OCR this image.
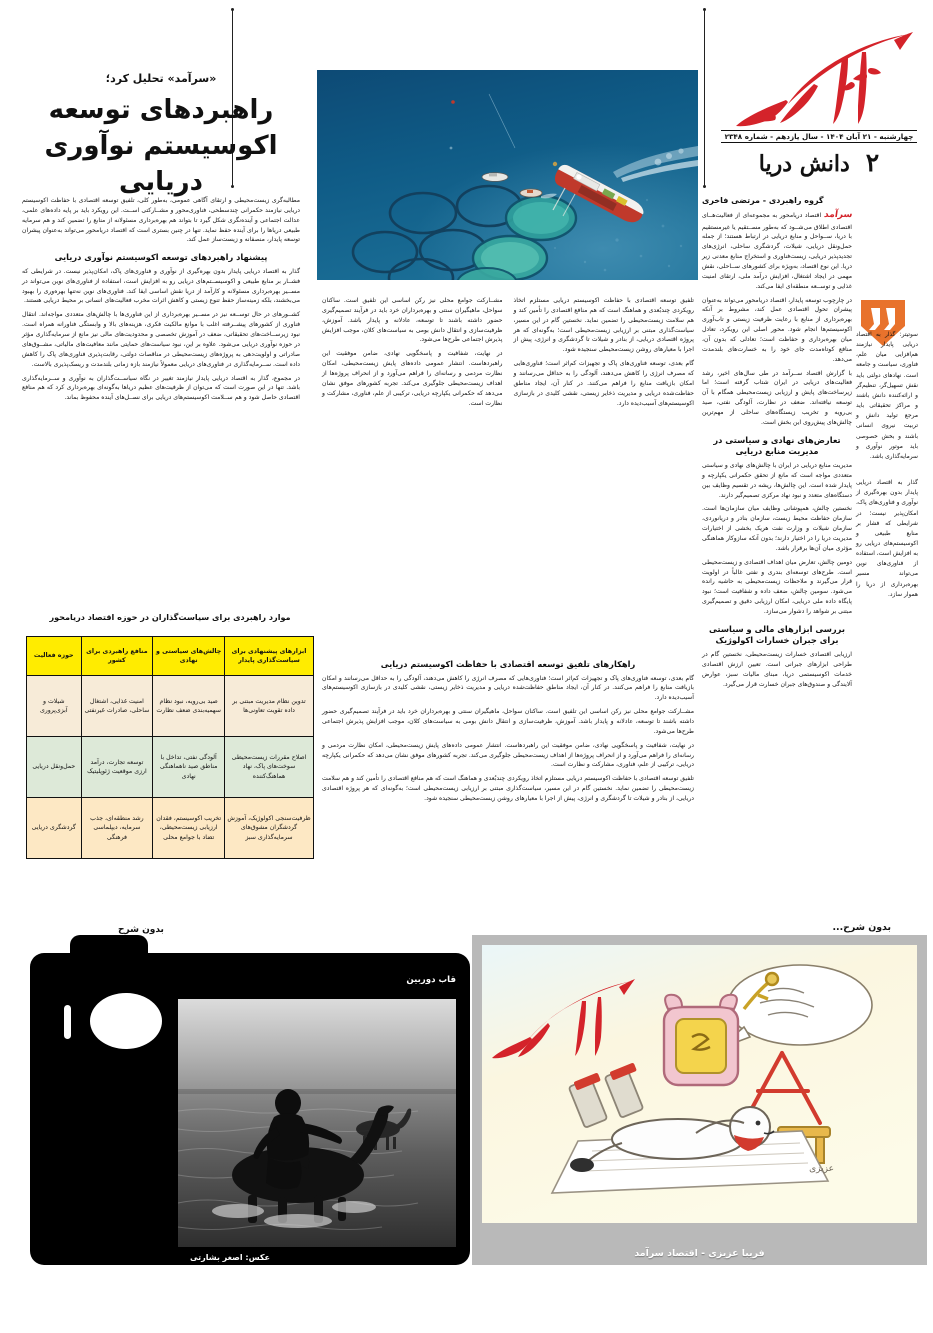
چهارشنبه - ۲۱ آبان ۱۴۰۴ - سال یازدهم - شماره ۲۳۴۸
۲
دانش دریا
«سرآمد» تحلیل کرد؛
راهبردهای توسعه
اکوسیستم نوآوری دریایی

مطالبه‌گری زیست‌محیطی و ارتقای آگاهی عمومی، به‌طور کلی، تلفیق توسعه اقتصادی با حفاظت اکوسیستم دریایی نیازمند حکمرانی چندسطحی، فناوری‌محور و مشــارکتی اســت. این رویکرد باید بر پایه داده‌های علمی، عدالت اجتماعی و آینده‌نگری شکل گیرد تا بتواند هم بهره‌برداری مسئولانه از منابع را تضمین کند و هم سرمایه طبیعی دریاها را برای آینده حفظ نماید. تنها در چنین بستری است که اقتصاد دریامحور می‌تواند به‌عنوان پیشران توسعه پایدار، منصفانه و زیست‌ساز عمل کند.

پیشنهاد راهبردهای توسعه اکوسیستم نوآوری دریایی

گذار به اقتصاد دریایی پایدار بدون بهره‌گیری از نوآوری و فناوری‌های پاک، امکان‌پذیر نیست. در شرایطی که فشــار بر منابع طبیعی و اکوسیســتم‌های دریایی رو به افزایش است، استفاده از فناوری‌های نوین می‌تواند در مســیر بهره‌برداری مسئولانه و کارآمد از دریا نقش اساسی ایفا کند. فناوری‌های نوین نه‌تنها بهره‌وری را بهبود می‌بخشند، بلکه زمینه‌ساز حفظ تنوع زیستی و کاهش اثرات مخرب فعالیت‌های انسانی بر محیط دریایی هستند.

کشــورهای در حال توســعه نیز در مســیر بهره‌برداری از این فناوری‌ها با چالش‌های متعددی مواجه‌اند. انتقال فناوری از کشورهای پیشــرفته اغلب با موانع مالکیت فکری، هزینه‌های بالا و وابستگی فناورانه همراه است. نبود زیرســاخت‌های تحقیقاتی، ضعف در آموزش تخصصی و محدودیت‌های مالی نیز مانع از سرمایه‌گذاری مؤثر در حوزه نوآوری دریایی می‌شود. علاوه بر این، نبود سیاست‌های حمایتی مانند معافیت‌های مالیاتی، مشــوق‌های صادراتی و اولویت‌دهی به پروژه‌های زیست‌محیطی در مناقصات دولتی، رقابت‌پذیری فناوری‌های پاک را کاهش داده است. ســرمایه‌گذاری در فناوری‌های دریایی معمولاً نیازمند بازه زمانی بلندمدت و ریسک‌پذیری بالاست.

در مجموع، گذار به اقتصاد دریایی پایدار نیازمند تغییر در نگاه سیاســت‌گذاران به نوآوری و ســرمایه‌گذاری باشد. تنها در این صورت است که می‌توان از ظرفیت‌های عظیم دریاها به‌گونه‌ای بهره‌برداری کرد که هم منافع اقتصادی حاصل شود و هم ســلامت اکوسیستم‌های دریایی برای نســل‌های آینده محفوظ بماند.

موارد راهبردی برای سیاست‌گذاران در حوزه اقتصاد دریامحور
ابزارهای پیشنهادی برای سیاست‌گذاری پایدار	چالش‌های سیاستی و نهادی	منافع راهبردی برای کشور	حوزه فعالیت
تدوین نظام مدیریت مبتنی بر داده تقویت تعاونی‌ها	صید بی‌رویه، نبود نظام سهمیه‌بندی ضعف نظارت	امنیت غذایی، اشتغال ساحلی، صادرات غیرنفتی	شیلات و آبزی‌پروری
اصلاح مقررات زیست‌محیطی سوخت‌های پاک، نهاد هماهنگ‌کننده	آلودگی نفتی، تداخل با مناطق صید ناهماهنگی نهادی	توسعه تجارت، درآمد ارزی موقعیت ژئوپلیتیک	حمل‌ونقل دریایی
ظرفیت‌سنجی اکولوژیک، آموزش گردشگران مشوق‌های سرمایه‌گذاری سبز	تخریب اکوسیستم، فقدان ارزیابی زیست‌محیطی، تضاد با جوامع محلی	رشد منطقه‌ای، جذب سرمایه، دیپلماسی فرهنگی	گردشگری دریایی

تلفیق توسعه اقتصادی با حفاظت اکوسیستم دریایی مستلزم اتخاذ رویکردی چندبُعدی و هماهنگ است که هم منافع اقتصادی را تأمین کند و هم سلامت زیست‌محیطی را تضمین نماید. نخستین گام در این مسیر، سیاست‌گذاری مبتنی بر ارزیابی زیست‌محیطی است؛ به‌گونه‌ای که هر پروژه اقتصادی دریایی، از بنادر و شیلات تا گردشگری و انرژی، پیش از اجرا با معیارهای روشن زیست‌محیطی سنجیده شود.

گام بعدی، توسعه فناوری‌های پاک و تجهیزات کم‌اثر است؛ فناوری‌هایی که مصرف انرژی را کاهش می‌دهند، آلودگی را به حداقل می‌رسانند و امکان بازیافت منابع را فراهم می‌کنند. در کنار آن، ایجاد مناطق حفاظت‌شده دریایی و مدیریت ذخایر زیستی، نقشی کلیدی در بازسازی اکوسیستم‌های آسیب‌دیده دارد.

مشــارکت جوامع محلی نیز رکن اساسی این تلفیق است. ساکنان سواحل، ماهیگیران سنتی و بهره‌برداران خرد باید در فرآیند تصمیم‌گیری حضور داشته باشند تا توسعه، عادلانه و پایدار باشد. آموزش، ظرفیت‌سازی و انتقال دانش بومی به سیاست‌های کلان، موجب افزایش پذیرش اجتماعی طرح‌ها می‌شود.

در نهایت، شفافیت و پاسخگویی نهادی، ضامن موفقیت این راهبردهاست. انتشار عمومی داده‌های پایش زیست‌محیطی، امکان نظارت مردمی و رسانه‌ای را فراهم می‌آورد و از انحراف پروژه‌ها از اهداف زیست‌محیطی جلوگیری می‌کند. تجربه کشورهای موفق نشان می‌دهد که حکمرانی یکپارچه دریایی، ترکیبی از علم، فناوری، مشارکت و نظارت است.

راهکارهای تلفیق توسعه اقتصادی با حفاظت اکوسیستم دریایی

گام بعدی، توسعه فناوری‌های پاک و تجهیزات کم‌اثر است؛ فناوری‌هایی که مصرف انرژی را کاهش می‌دهند، آلودگی را به حداقل می‌رسانند و امکان بازیافت منابع را فراهم می‌کنند. در کنار آن، ایجاد مناطق حفاظت‌شده دریایی و مدیریت ذخایر زیستی، نقشی کلیدی در بازسازی اکوسیستم‌های آسیب‌دیده دارد.

مشــارکت جوامع محلی نیز رکن اساسی این تلفیق است. ساکنان سواحل، ماهیگیران سنتی و بهره‌برداران خرد باید در فرآیند تصمیم‌گیری حضور داشته باشند تا توسعه، عادلانه و پایدار باشد. آموزش، ظرفیت‌سازی و انتقال دانش بومی به سیاست‌های کلان، موجب افزایش پذیرش اجتماعی طرح‌ها می‌شود.

در نهایت، شفافیت و پاسخگویی نهادی، ضامن موفقیت این راهبردهاست. انتشار عمومی داده‌های پایش زیست‌محیطی، امکان نظارت مردمی و رسانه‌ای را فراهم می‌آورد و از انحراف پروژه‌ها از اهداف زیست‌محیطی جلوگیری می‌کند. تجربه کشورهای موفق نشان می‌دهد که حکمرانی یکپارچه دریایی، ترکیبی از علم، فناوری، مشارکت و نظارت است.

تلفیق توسعه اقتصادی با حفاظت اکوسیستم دریایی مستلزم اتخاذ رویکردی چندبُعدی و هماهنگ است که هم منافع اقتصادی را تأمین کند و هم سلامت زیست‌محیطی را تضمین نماید. نخستین گام در این مسیر، سیاست‌گذاری مبتنی بر ارزیابی زیست‌محیطی است؛ به‌گونه‌ای که هر پروژه اقتصادی دریایی، از بنادر و شیلات تا گردشگری و انرژی، پیش از اجرا با معیارهای روشن زیست‌محیطی سنجیده شود.

گروه راهبردی - مرتضی فاخری

سرآمد اقتصاد دریامحور به مجموعه‌ای از فعالیت‌هــای اقتصادی اطلاق می‌شــود که به‌طور مســتقیم یا غیرمستقیم با دریا، ســواحل و منابع دریایی در ارتباط هستند؛ از جمله حمل‌ونقل دریایی، شیلات، گردشگری ساحلی، انرژی‌های تجدیدپذیر دریایی، زیست‌فناوری و استخراج منابع معدنی زیر دریا. این نوع اقتصاد، به‌ویژه برای کشورهای ســاحلی، نقش مهمی در ایجاد اشتغال، افزایش درآمد ملی، ارتقای امنیت غذایی و توســعه منطقه‌ای ایفا می‌کند.

در چارچوب توسعه پایدار، اقتصاد دریامحور می‌تواند به‌عنوان پیشران تحول اقتصادی عمل کند، مشروط بر آنکه بهره‌برداری از منابع با رعایت ظرفیت زیستی و تاب‌آوری اکوسیستم‌ها انجام شود. محور اصلی این رویکرد، تعادل میان بهره‌برداری و حفاظت است؛ تعادلی که بدون آن، منافع کوتاه‌مدت جای خود را به خسارت‌های بلندمدت می‌دهد.

با گزارش اقتصاد ســرآمد در طی سال‌های اخیر، رشد فعالیت‌های دریایی در ایران شتاب گرفته است؛ اما زیرساخت‌های پایش و ارزیابی زیست‌محیطی همگام با آن توسعه نیافته‌اند. ضعف در نظارت، آلودگی نفتی، صید بی‌رویه و تخریب زیستگاه‌های ساحلی از مهم‌ترین چالش‌های پیش‌روی این بخش است.

تعارض‌های نهادی و سیاستی در مدیریت منابع دریایی

مدیریت منابع دریایی در ایران با چالش‌های نهادی و سیاستی متعددی مواجه است که مانع از تحقق حکمرانی یکپارچه و پایدار شده است. این چالش‌ها، ریشه در تقسیم وظایف بین دستگاه‌های متعدد و نبود نهاد مرکزی تصمیم‌گیر دارند.

نخستین چالش، همپوشانی وظایف میان سازمان‌ها است. سازمان حفاظت محیط زیست، سازمان بنادر و دریانوردی، سازمان شیلات و وزارت نفت هریک بخشی از اختیارات مدیریت دریا را در اختیار دارند؛ بدون آنکه سازوکار هماهنگی مؤثری میان آن‌ها برقرار باشد.

دومین چالش، تعارض میان اهداف اقتصادی و زیست‌محیطی است. طرح‌های توسعه‌ای بندری و نفتی غالباً در اولویت قرار می‌گیرند و ملاحظات زیست‌محیطی به حاشیه رانده می‌شود. سومین چالش، ضعف داده و شفافیت است؛ نبود پایگاه داده ملی دریایی، امکان ارزیابی دقیق و تصمیم‌گیری مبتنی بر شواهد را دشوار می‌سازد.

بررسی ابزارهای مالی و سیاستی برای جبران خسارات اکولوژیک

ارزیابی اقتصادی خسارات زیست‌محیطی، نخستین گام در طراحی ابزارهای جبرانی است. تعیین ارزش اقتصادی خدمات اکوسیستمی دریا، مبنای مالیات سبز، عوارض آلایندگی و صندوق‌های جبران خسارت قرار می‌گیرد.

سوتیتر: گذار به اقتصاد دریایی پایدار نیازمند هم‌افزایی میان علم، فناوری، سیاست و جامعه است. نهادهای دولتی باید نقش تسهیل‌گر، تنظیم‌گر و ارائه‌کننده دانش باشند و مراکز تحقیقاتی باید مرجع تولید دانش و تربیت نیروی انسانی باشند و بخش خصوصی باید موتور نوآوری و سرمایه‌گذاری باشد.

گذار به اقتصاد دریایی پایدار بدون بهره‌گیری از نوآوری و فناوری‌های پاک، امکان‌پذیر نیست؛ در شرایطی که فشار بر منابع طبیعی و اکوسیستم‌های دریایی رو به افزایش است، استفاده از فناوری‌های نوین می‌تواند مسیر بهره‌برداری از دریا را هموار سازد.

بدون شرح
قاب دوربین
عکس: اصغر بشارتی
بدون شرح...
عزیزی
فریبا عزیزی - اقتصاد سرآمد
